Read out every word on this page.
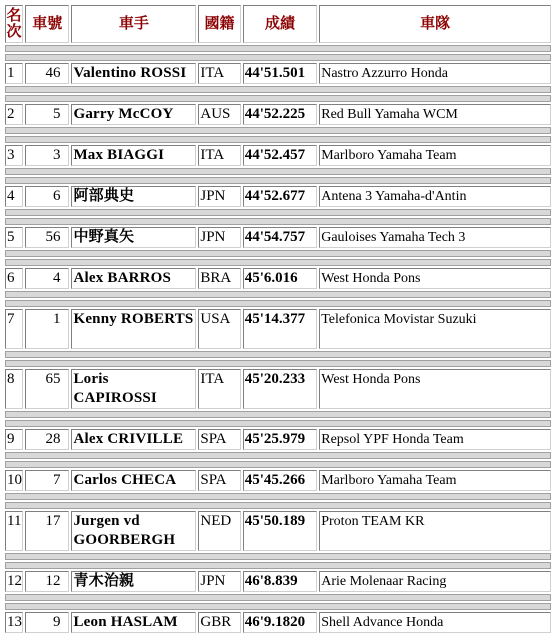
名次	車號	車手	國籍	成績	車隊

1	46	Valentino ROSSI	ITA	44'51.501	Nastro Azzurro Honda

2	5	Garry McCOY	AUS	44'52.225	Red Bull Yamaha WCM

3	3	Max BIAGGI	ITA	44'52.457	Marlboro Yamaha Team

4	6	阿部典史	JPN	44'52.677	Antena 3 Yamaha-d'Antin

5	56	中野真矢	JPN	44'54.757	Gauloises Yamaha Tech 3

6	4	Alex BARROS	BRA	45'6.016	West Honda Pons

7	1	Kenny ROBERTS	USA	45'14.377	Telefonica Movistar Suzuki

8	65	Loris CAPIROSSI	ITA	45'20.233	West Honda Pons

9	28	Alex CRIVILLE	SPA	45'25.979	Repsol YPF Honda Team

10	7	Carlos CHECA	SPA	45'45.266	Marlboro Yamaha Team

11	17	Jurgen vd GOORBERGH	NED	45'50.189	Proton TEAM KR

12	12	青木治親	JPN	46'8.839	Arie Molenaar Racing

13	9	Leon HASLAM	GBR	46'9.1820	Shell Advance Honda
